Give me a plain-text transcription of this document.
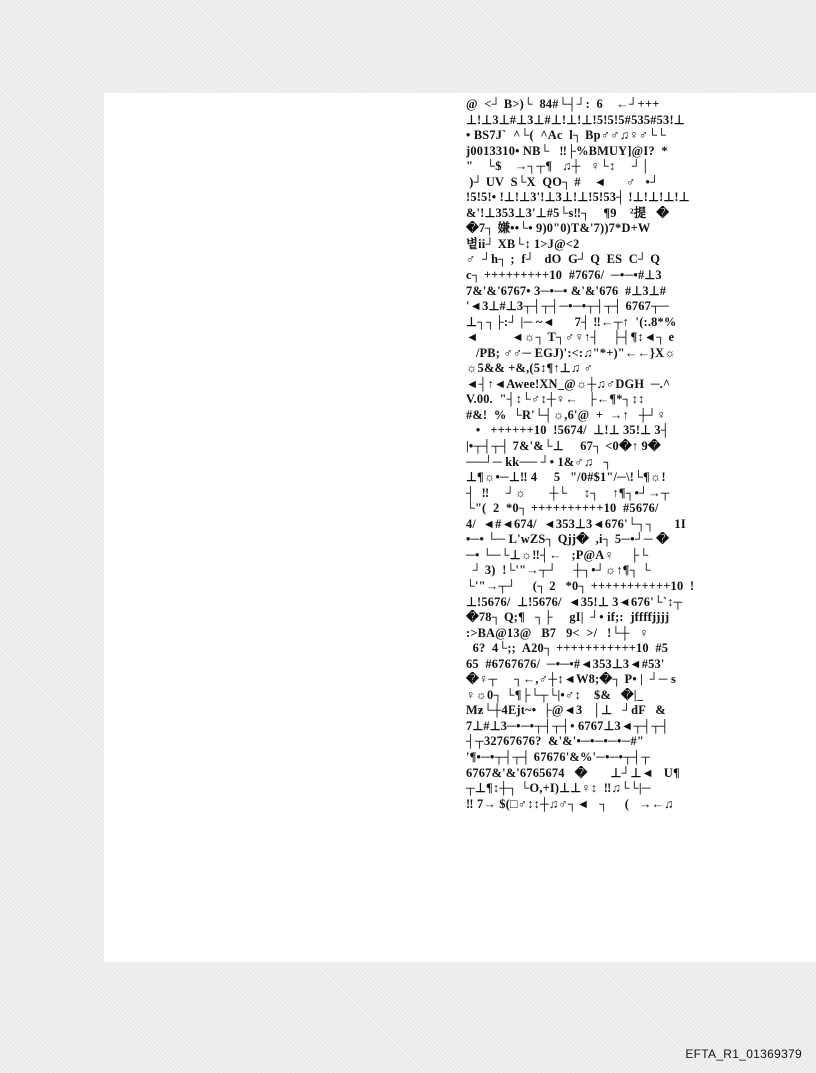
@  <┘ B>)└  84#└┤┘:  6    ←┘+++
⊥!⊥3⊥#⊥3⊥#⊥!⊥!⊥!5!5!5#535#53!⊥
• BS7J`  ^└(  ^Ac  l┐ Bp♂♂♫♀♂└└
j0013310• NB└   ‼├%BMUY]@I?  *
"    └$    →┐┬¶   ♫┼   ♀└↕     ┘│
)┘ UV  S└X  QO┐ #    ◄      ♂   •┘
!5!5!• !⊥!⊥3'!⊥3⊥!⊥!5!53┤ !⊥!⊥!⊥!⊥
&'!⊥353⊥3'⊥#5└s‼┐    ¶9    ²提   �
�7┐ 嫌••└• 9)0"0)T&'7))7*D+W
볕ii┘ XB└↕ 1>J@<2
♂  ┘h┐ ;  f┘   dO  G┘ Q  ES  C┘ Q
c┐ +++++++++10  #7676/  ─•─•#⊥3
7&'&'6767• 3─•─• &'&'676  #⊥3⊥#
'◄3⊥#⊥3┬┤┬┤─•─•┬┤┬┤ 6767┬─
⊥┐┐├:┘ |─ ~◄      7┤ ‼←┬↑  '(:.8*%
◄          ◄☼┐ T┐♂♀↑┤    ├┤¶↕◄┐ e
/PB; ♂♂─ EGJ)':<:♫"*+)"←←}X☼
☼5&& +&,(5↕¶↑⊥♫ ♂
◄┤↑◄Awee!XN_@☼┼♫♂DGH  ─.^
V.00.  "┤↕└♂↕┼♀←   ├←¶*┐↕↕
#&!  %  └R'└┤☼,6'@  +  →↑   ┼┘♀
•   ++++++10  !5674/  ⊥!⊥ 35!⊥ 3┤
|•┬┤┬┤ 7&'&└⊥     67┐ <0�↑ 9�
──┘─ kk── ┘• 1&♂♫   ┐
⊥¶☼•─⊥‼ 4     5   "/0#$1"/─\!└¶☼!
┤  ‼     ┘☼       ┼└     ↕┐    ↑¶┐•┘→┬
└"(  2  *0┐ ++++++++++10  #5676/
4/  ◄#◄674/  ◄353⊥3◄676'└┐┐      1I
•─• └─ L'wZS┐ Qjj�  ,i┐ 5─•┘─ �
─• └─└⊥☼‼┤←   ;P@A♀     ├└
┘ 3)  !└'"→┬┘     ┼┐•┘☼↑¶┐ └
└'"→┬┘     (┐ 2   *0┐ +++++++++++10  !
⊥!5676/  ⊥!5676/  ◄35!⊥ 3◄676'└`↕┬
�78┐ Q;¶   ┐├     gI|  ┘• if;:  jffffjjjj
:>BA@13@   B7   9<  >/   !└┼   ♀
6?  4└;;  A20┐ +++++++++++10  #5
65  #6767676/  ─•─•#◄353⊥3◄#53'
�♀┬     ┐←,♂┼↕◄W8;�┐ P• |  ┘─ s
♀☼0┐ └¶├└┬└|•♂↕    $&   �|_
Mƶ└┼4Ejt~•  ├@◄3   │⊥   ┘dF   &
7⊥#⊥3─•─•┬┤┬┤• 6767⊥3◄┬┤┬┤
┤┬32767676?  &'&'•─•─•─•─#"
'¶•─•┬┤┬┤ 67676'&%'─•─•┬┤┬
6767&'&'6765674   �       ⊥┘⊥◄   U¶
┬⊥¶↕┼┐ └O,+I)⊥⊥♀↕  ‼♫└└|─
‼ 7→ $(□♂↕↕┼♫♂┐◄   ┐     (   →←♫
EFTA_R1_01369379
